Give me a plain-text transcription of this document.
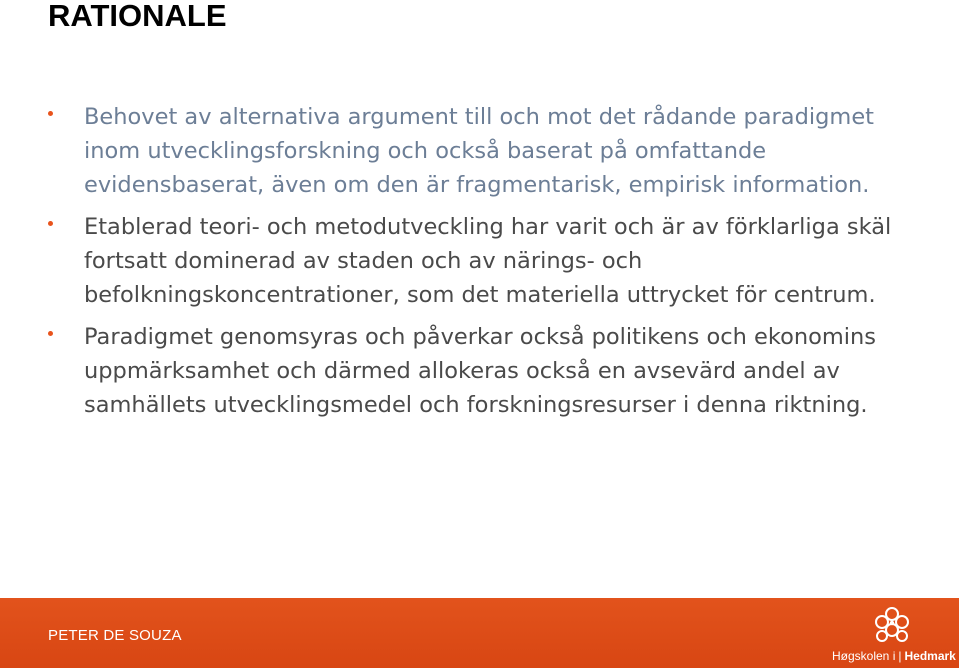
RATIONALE
Behovet av alternativa argument till och mot det rådande paradigmet inom utvecklingsforskning och också baserat på omfattande evidensbaserat, även om den är fragmentarisk, empirisk information.
Etablerad teori- och metodutveckling har varit och är av förklarliga skäl fortsatt dominerad av staden och av närings- och befolkningskoncentrationer, som det materiella uttrycket för centrum.
Paradigmet genomsyras och påverkar också politikens och ekonomins uppmärksamhet och därmed allokeras också en avsevärd andel av samhällets utvecklingsmedel och forskningsresurser i denna riktning.
PETER DE SOUZA
Høgskolen i | Hedmark
